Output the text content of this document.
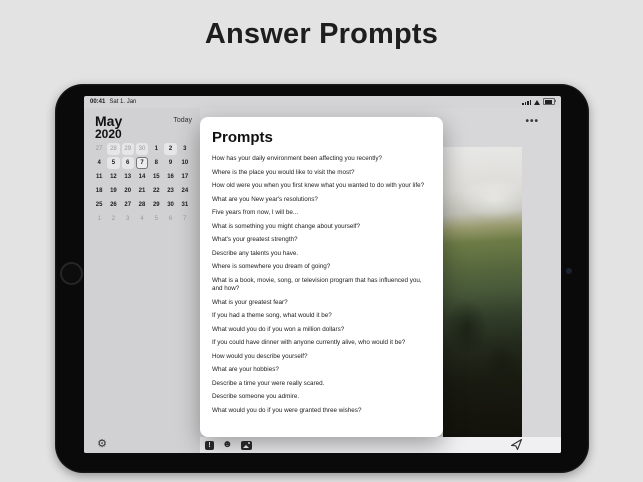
Answer Prompts
00:41 Sat 1. Jan
May
2020
Today
27	28	29	30	1	2	3
4	5	6	7	8	9	10
11	12	13	14	15	16	17
18	19	20	21	22	23	24
25	26	27	28	29	30	31
1	2	3	4	5	6	7
⚙
•••
!	☻
Prompts
How has your daily environment been affecting you recently?
Where is the place you would like to visit the most?
How old were you when you first knew what you wanted to do with your life?
What are you New year's resolutions?
Five years from now, I will be...
What is something you might change about yourself?
What's your greatest strength?
Describe any talents you have.
Where is somewhere you dream of going?
What is a book, movie, song, or television program that has influenced you, and how?
What is your greatest fear?
If you had a theme song, what would it be?
What would you do if you won a million dollars?
If you could have dinner with anyone currently alive, who would it be?
How would you describe yourself?
What are your hobbies?
Describe a time your were really scared.
Describe someone you admire.
What would you do if you were granted three wishes?
